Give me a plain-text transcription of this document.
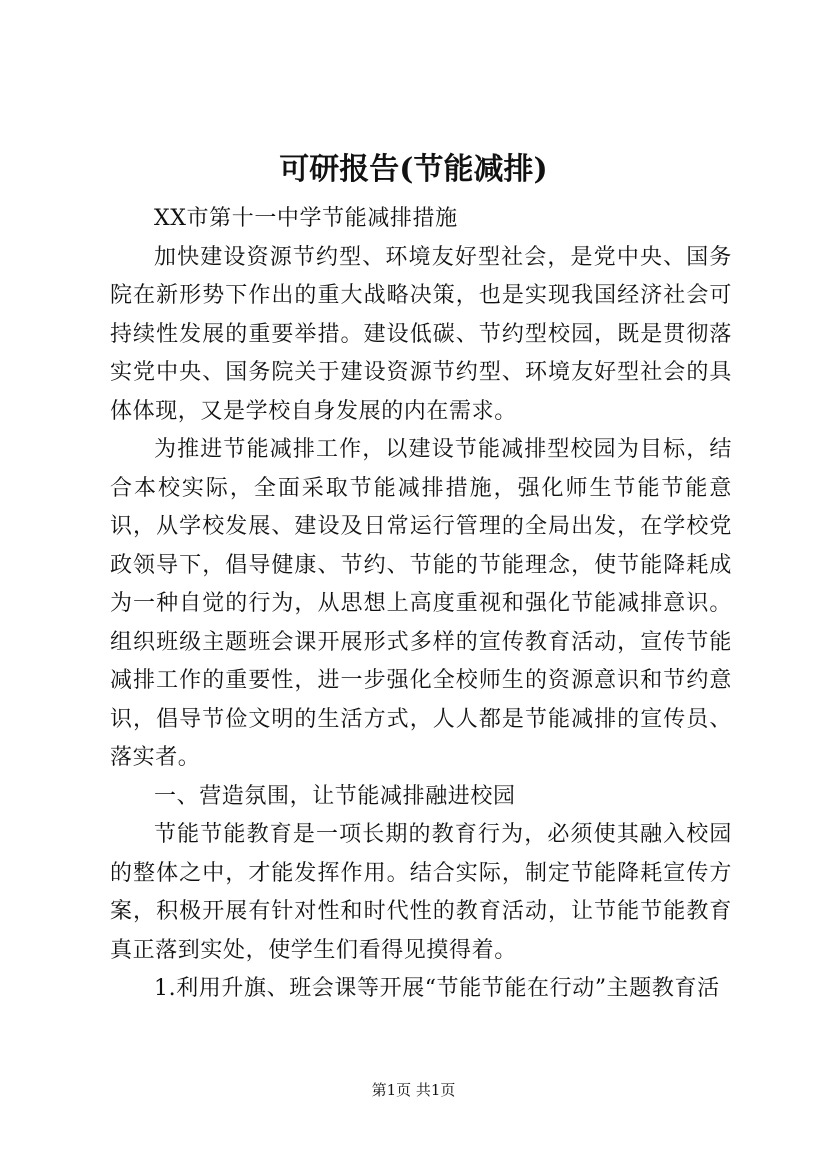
可研报告(节能减排)

XX市第十一中学节能减排措施

加快建设资源节约型、环境友好型社会，是党中央、国务院在新形势下作出的重大战略决策，也是实现我国经济社会可持续性发展的重要举措。建设低碳、节约型校园，既是贯彻落实党中央、国务院关于建设资源节约型、环境友好型社会的具体体现，又是学校自身发展的内在需求。

为推进节能减排工作，以建设节能减排型校园为目标，结合本校实际，全面采取节能减排措施，强化师生节能节能意识，从学校发展、建设及日常运行管理的全局出发，在学校党政领导下，倡导健康、节约、节能的节能理念，使节能降耗成为一种自觉的行为，从思想上高度重视和强化节能减排意识。组织班级主题班会课开展形式多样的宣传教育活动，宣传节能减排工作的重要性，进一步强化全校师生的资源意识和节约意识，倡导节俭文明的生活方式，人人都是节能减排的宣传员、落实者。

一、营造氛围，让节能减排融进校园

节能节能教育是一项长期的教育行为，必须使其融入校园的整体之中，才能发挥作用。结合实际，制定节能降耗宣传方案，积极开展有针对性和时代性的教育活动，让节能节能教育真正落到实处，使学生们看得见摸得着。

1.利用升旗、班会课等开展“节能节能在行动”主题教育活

第1页 共1页
